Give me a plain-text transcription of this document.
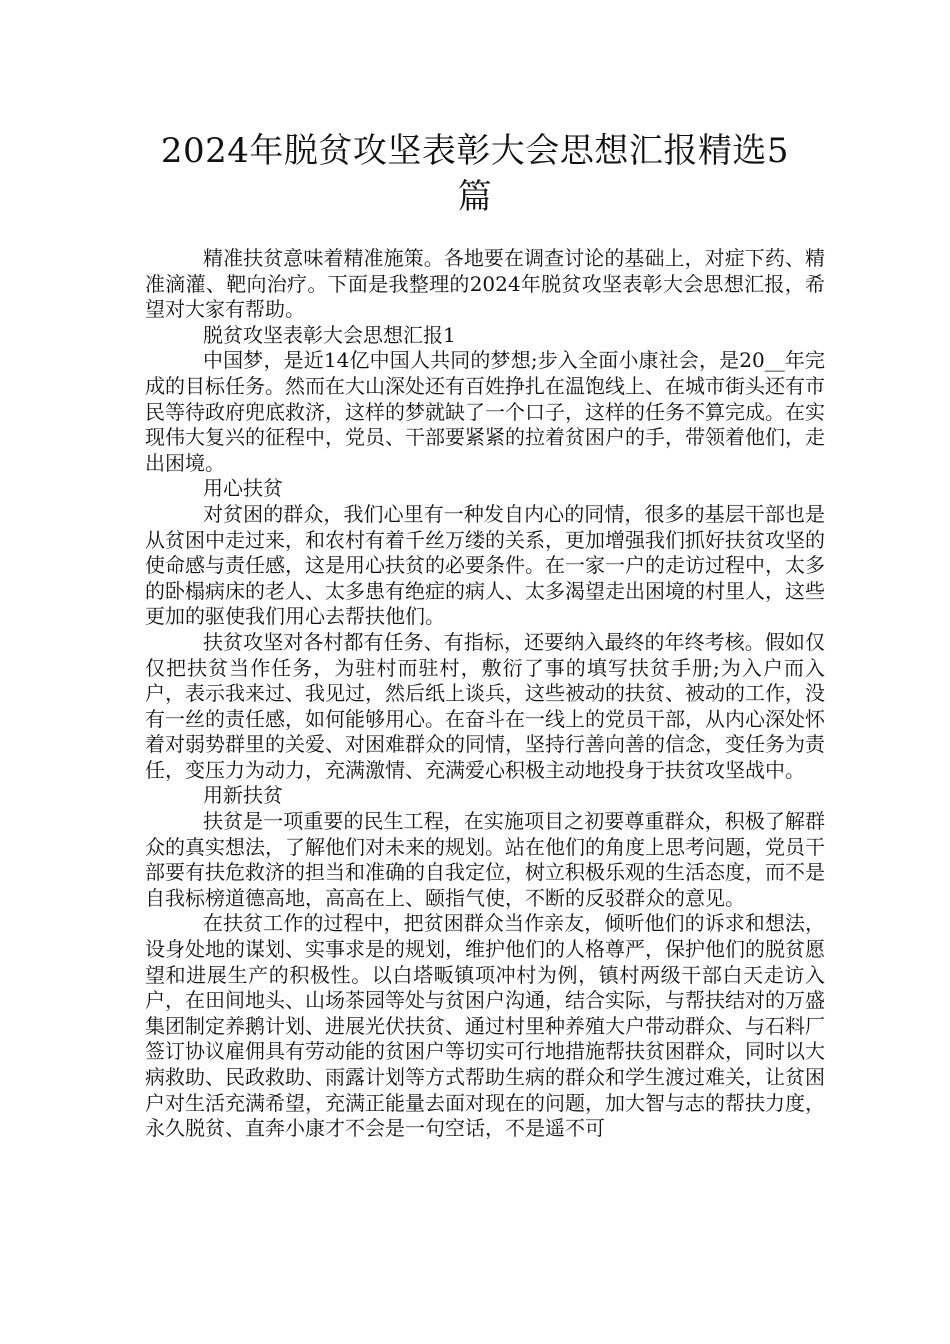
2024年脱贫攻坚表彰大会思想汇报精选5篇

精准扶贫意味着精准施策。各地要在调查讨论的基础上，对症下药、精准滴灌、靶向治疗。下面是我整理的2024年脱贫攻坚表彰大会思想汇报，希望对大家有帮助。

脱贫攻坚表彰大会思想汇报1

中国梦，是近14亿中国人共同的梦想;步入全面小康社会，是20__年完成的目标任务。然而在大山深处还有百姓挣扎在温饱线上、在城市街头还有市民等待政府兜底救济，这样的梦就缺了一个口子，这样的任务不算完成。在实现伟大复兴的征程中，党员、干部要紧紧的拉着贫困户的手，带领着他们，走出困境。

用心扶贫

对贫困的群众，我们心里有一种发自内心的同情，很多的基层干部也是从贫困中走过来，和农村有着千丝万缕的关系，更加增强我们抓好扶贫攻坚的使命感与责任感，这是用心扶贫的必要条件。在一家一户的走访过程中，太多的卧榻病床的老人、太多患有绝症的病人、太多渴望走出困境的村里人，这些更加的驱使我们用心去帮扶他们。

扶贫攻坚对各村都有任务、有指标，还要纳入最终的年终考核。假如仅仅把扶贫当作任务，为驻村而驻村，敷衍了事的填写扶贫手册;为入户而入户，表示我来过、我见过，然后纸上谈兵，这些被动的扶贫、被动的工作，没有一丝的责任感，如何能够用心。在奋斗在一线上的党员干部，从内心深处怀着对弱势群里的关爱、对困难群众的同情，坚持行善向善的信念，变任务为责任，变压力为动力，充满激情、充满爱心积极主动地投身于扶贫攻坚战中。

用新扶贫

扶贫是一项重要的民生工程，在实施项目之初要尊重群众，积极了解群众的真实想法，了解他们对未来的规划。站在他们的角度上思考问题，党员干部要有扶危救济的担当和准确的自我定位，树立积极乐观的生活态度，而不是自我标榜道德高地，高高在上、颐指气使，不断的反驳群众的意见。

在扶贫工作的过程中，把贫困群众当作亲友，倾听他们的诉求和想法，设身处地的谋划、实事求是的规划，维护他们的人格尊严，保护他们的脱贫愿望和进展生产的积极性。以白塔畈镇项冲村为例，镇村两级干部白天走访入户，在田间地头、山场茶园等处与贫困户沟通，结合实际，与帮扶结对的万盛集团制定养鹅计划、进展光伏扶贫、通过村里种养殖大户带动群众、与石料厂签订协议雇佣具有劳动能的贫困户等切实可行地措施帮扶贫困群众，同时以大病救助、民政救助、雨露计划等方式帮助生病的群众和学生渡过难关，让贫困户对生活充满希望，充满正能量去面对现在的问题，加大智与志的帮扶力度，永久脱贫、直奔小康才不会是一句空话，不是遥不可
